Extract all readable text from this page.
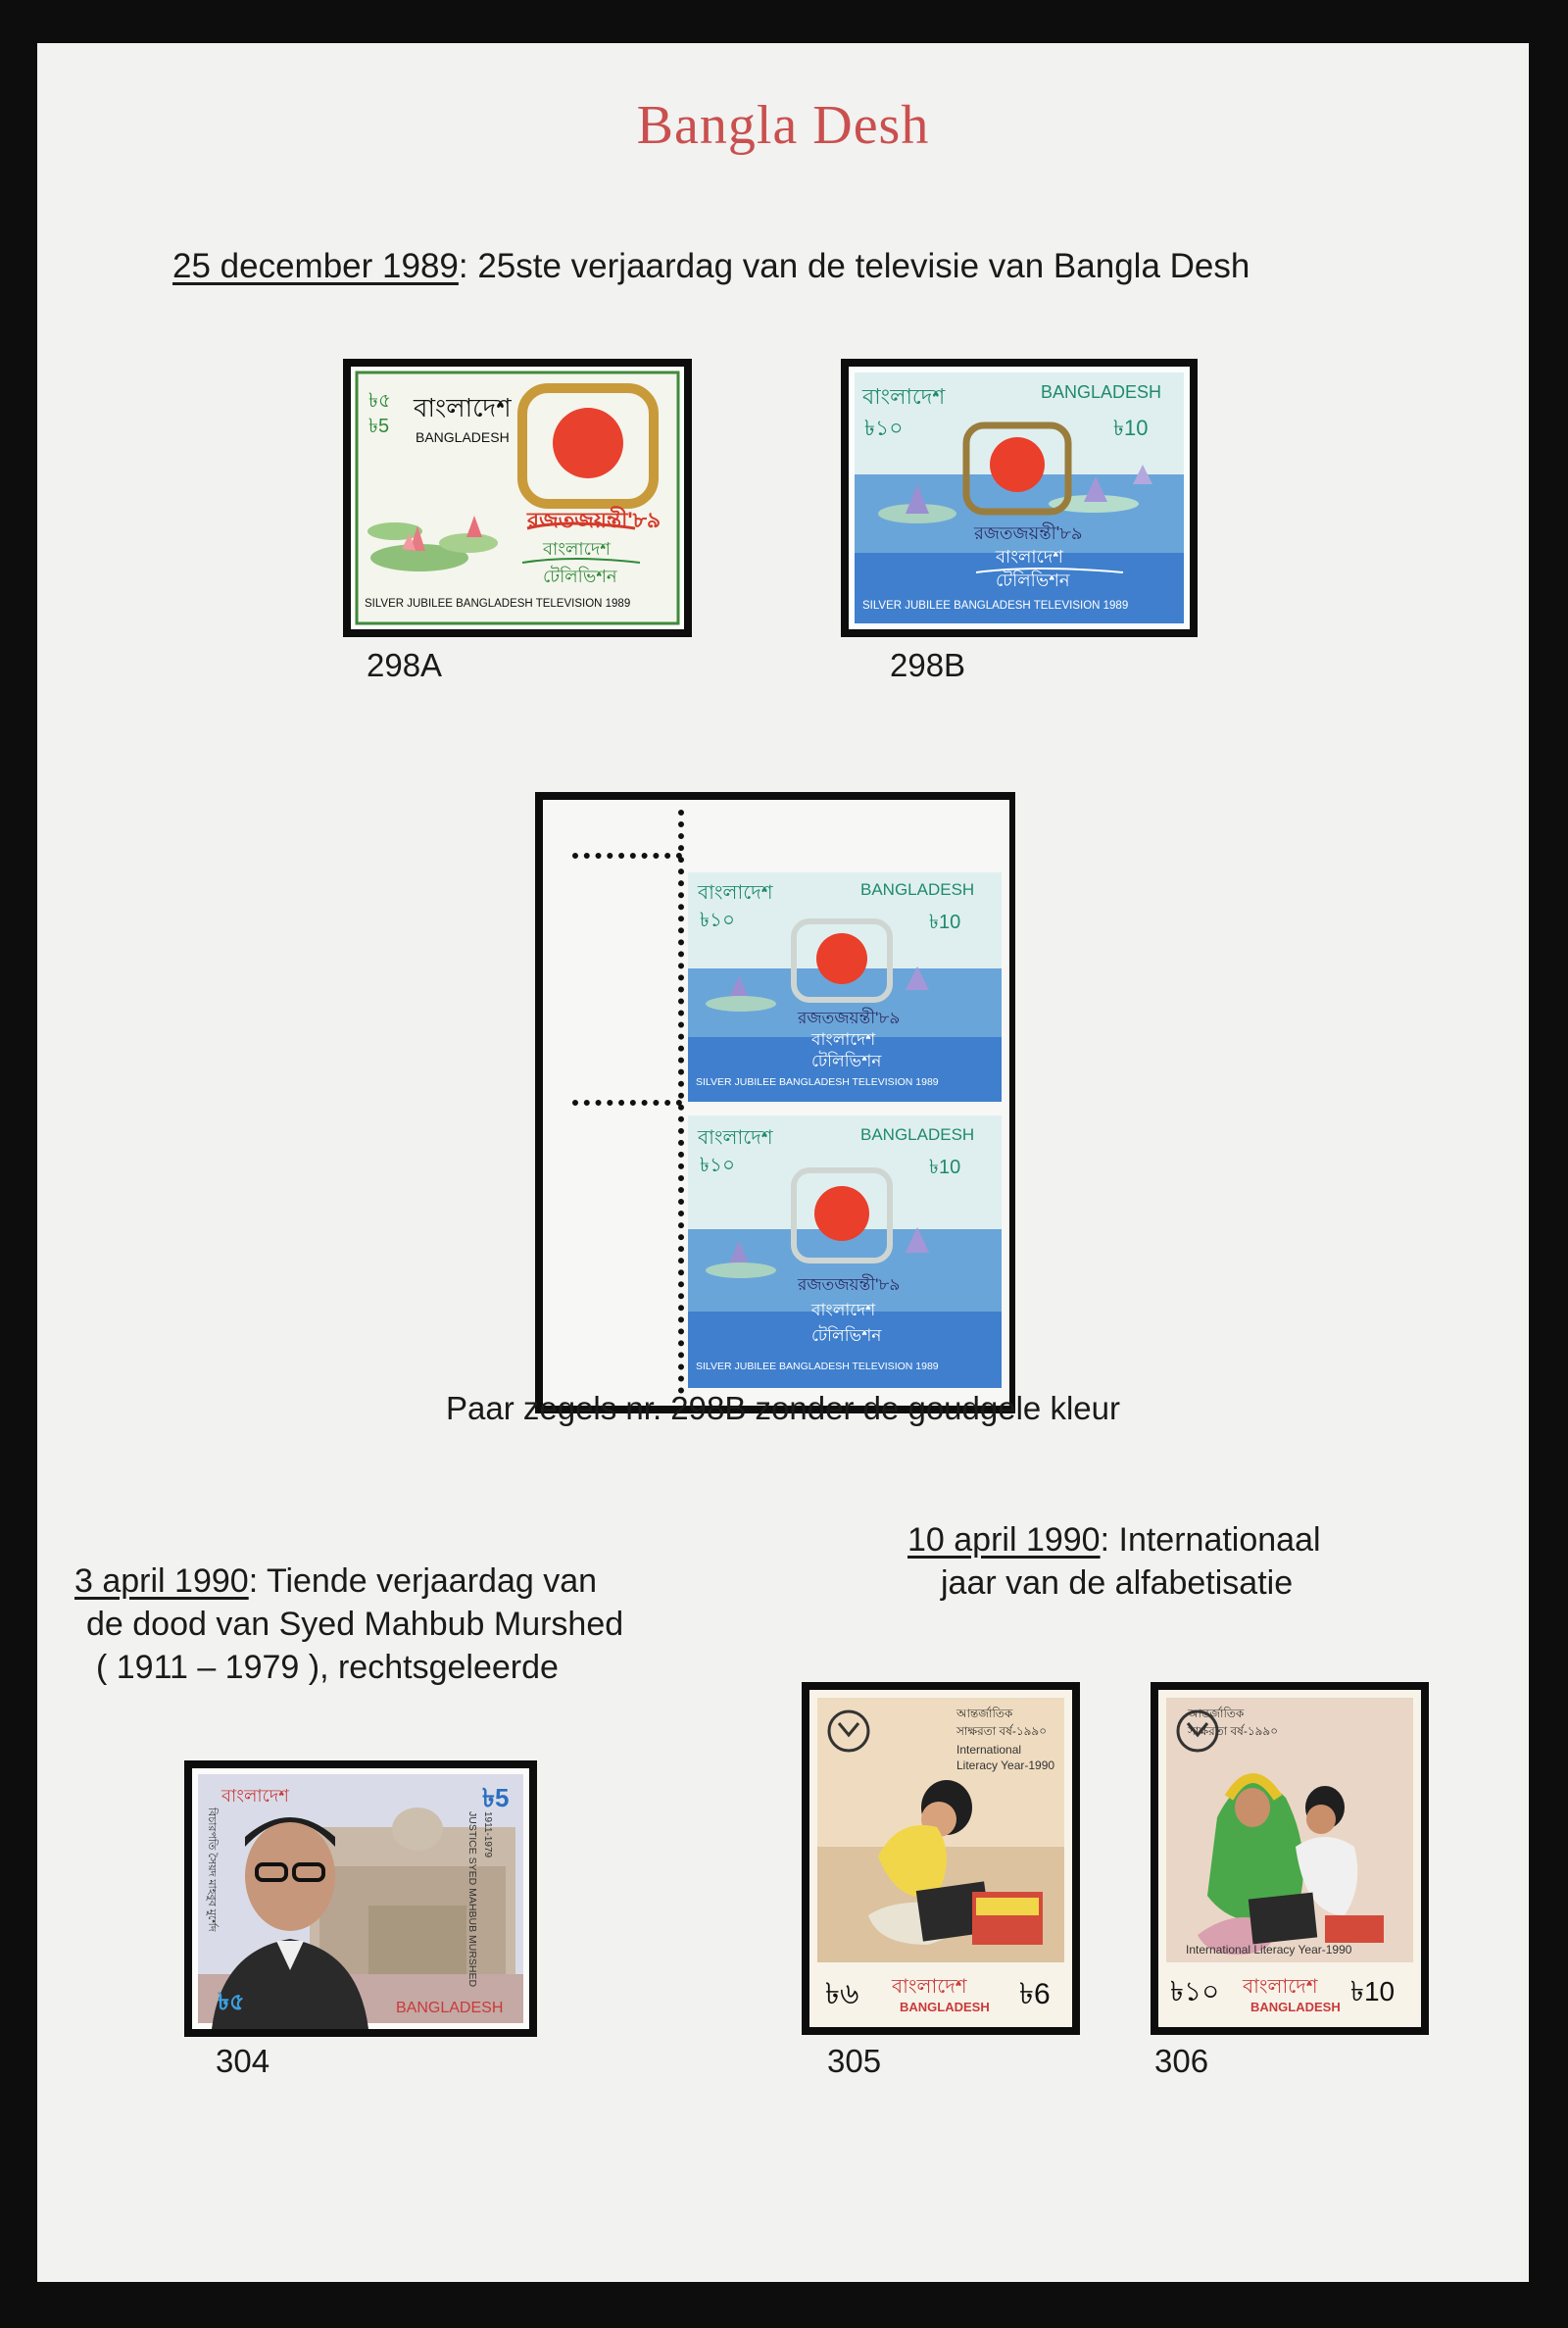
Bangla Desh
25 december 1989: 25ste verjaardag van de televisie van Bangla Desh
৳৫
৳5
বাংলাদেশ
BANGLADESH
রজতজয়ন্তী'৮৯
বাংলাদেশ
টেলিভিশন
SILVER JUBILEE BANGLADESH TELEVISION 1989
298A
বাংলাদেশ	BANGLADESH
৳১০	৳10
রজতজয়ন্তী'৮৯
বাংলাদেশ
টেলিভিশন
SILVER JUBILEE BANGLADESH TELEVISION 1989
298B
বাংলাদেশ	BANGLADESH
৳১০	৳10
রজতজয়ন্তী'৮৯
বাংলাদেশ
টেলিভিশন
SILVER JUBILEE BANGLADESH TELEVISION 1989
বাংলাদেশ	BANGLADESH
৳১০	৳10
রজতজয়ন্তী'৮৯
বাংলাদেশ
টেলিভিশন
SILVER JUBILEE BANGLADESH TELEVISION 1989
Paar zegels nr. 298B zonder de goudgele kleur
3 april 1990: Tiende verjaardag van
de dood van Syed Mahbub Murshed
( 1911 – 1979 ), rechtsgeleerde
বাংলাদেশ	৳5
৳৫	BANGLADESH
JUSTICE SYED MAHBUB MURSHED 1911-1979
বিচারপতি সৈয়দ মাহবুব মুর্শেদ
304
10 april 1990: Internationaal
jaar van de alfabetisatie
আন্তর্জাতিক
সাক্ষরতা বর্ষ-১৯৯০
International
Literacy Year-1990
৳৬	৳6
বাংলাদেশ
BANGLADESH
305
আন্তর্জাতিক
সাক্ষরতা বর্ষ-১৯৯০
International Literacy Year-1990
৳১০	৳10
বাংলাদেশ
BANGLADESH
306
